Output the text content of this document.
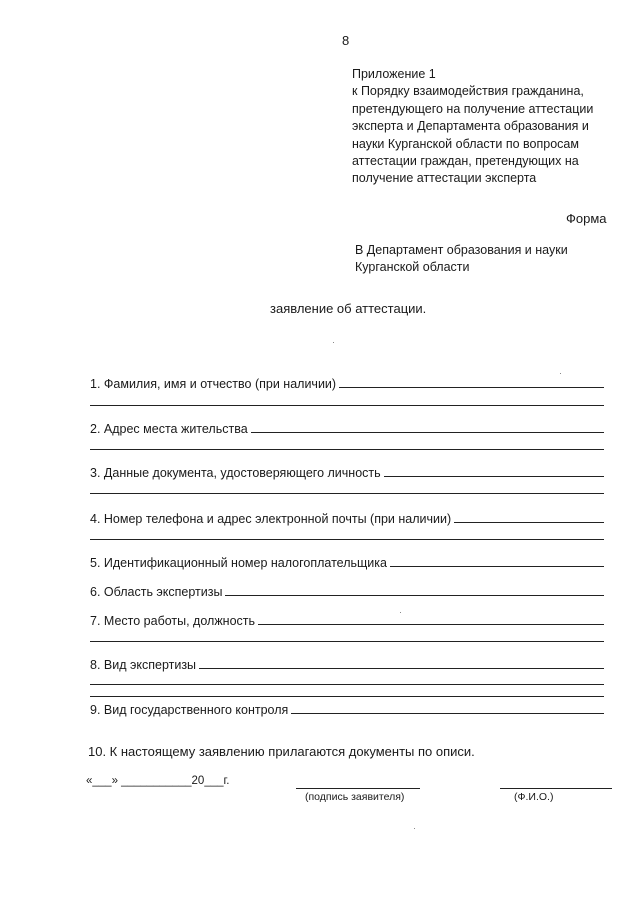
8
Приложение 1
к Порядку взаимодействия гражданина,
претендующего на получение аттестации
эксперта и Департамента образования и
науки Курганской области по вопросам
аттестации граждан, претендующих на
получение аттестации эксперта
Форма
В Департамент образования и науки
Курганской области
заявление об аттестации.
1. Фамилия, имя и отчество (при наличии)
2. Адрес места жительства
3. Данные документа, удостоверяющего личность
4. Номер телефона и адрес электронной почты (при наличии)
5. Идентификационный номер налогоплательщика
6. Область экспертизы
7. Место работы, должность
8. Вид экспертизы
9. Вид государственного контроля
10. К настоящему заявлению прилагаются документы по описи.
«___» ___________20___г.
(подпись заявителя)	(Ф.И.О.)
